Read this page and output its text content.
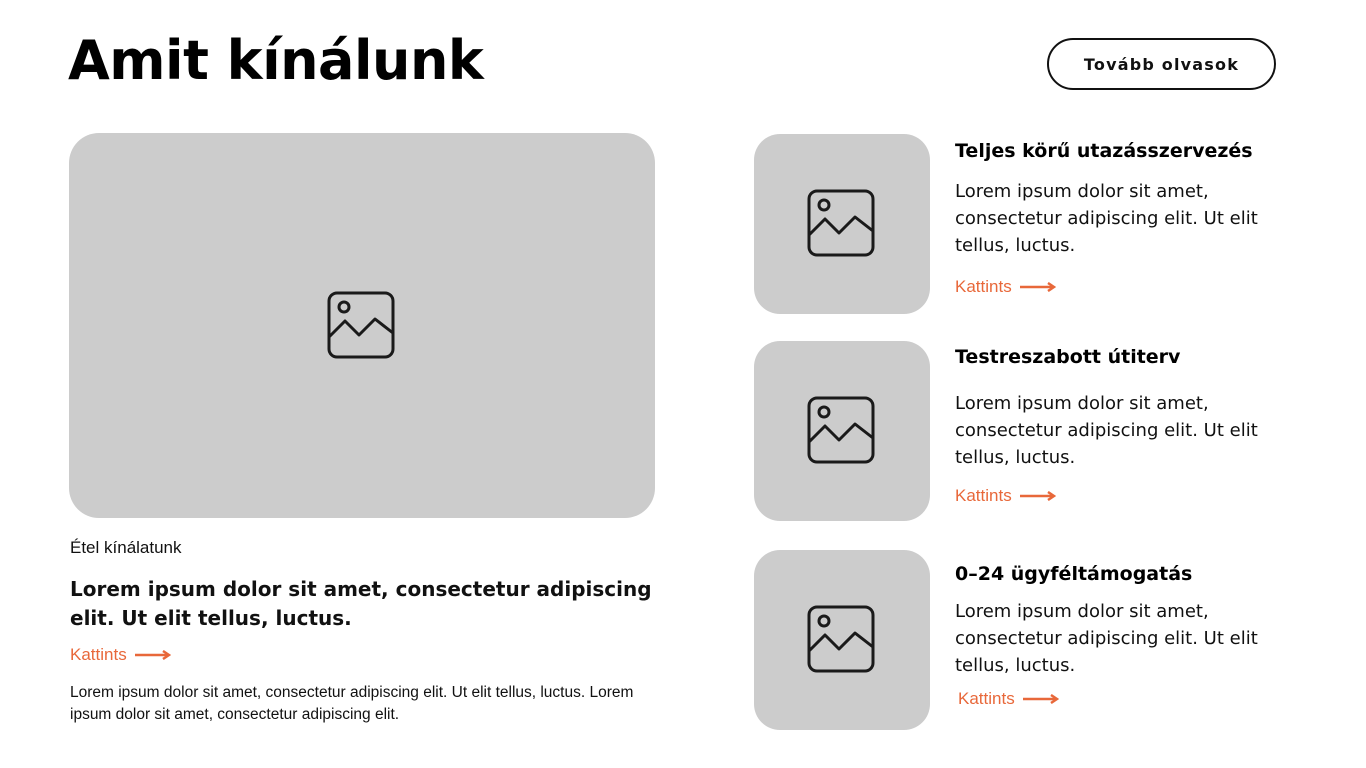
Amit kínálunk	Tovább olvasok
Étel kínálatunk
Lorem ipsum dolor sit amet, consectetur adipiscing elit. Ut elit tellus, luctus.
Kattints
Lorem ipsum dolor sit amet, consectetur adipiscing elit. Ut elit tellus, luctus. Lorem ipsum dolor sit amet, consectetur adipiscing elit.
Teljes körű utazásszervezés
Lorem ipsum dolor sit amet, consectetur adipiscing elit. Ut elit tellus, luctus.
Kattints
Testreszabott útiterv
Lorem ipsum dolor sit amet, consectetur adipiscing elit. Ut elit tellus, luctus.
Kattints
0–24 ügyféltámogatás
Lorem ipsum dolor sit amet, consectetur adipiscing elit. Ut elit tellus, luctus.
Kattints
